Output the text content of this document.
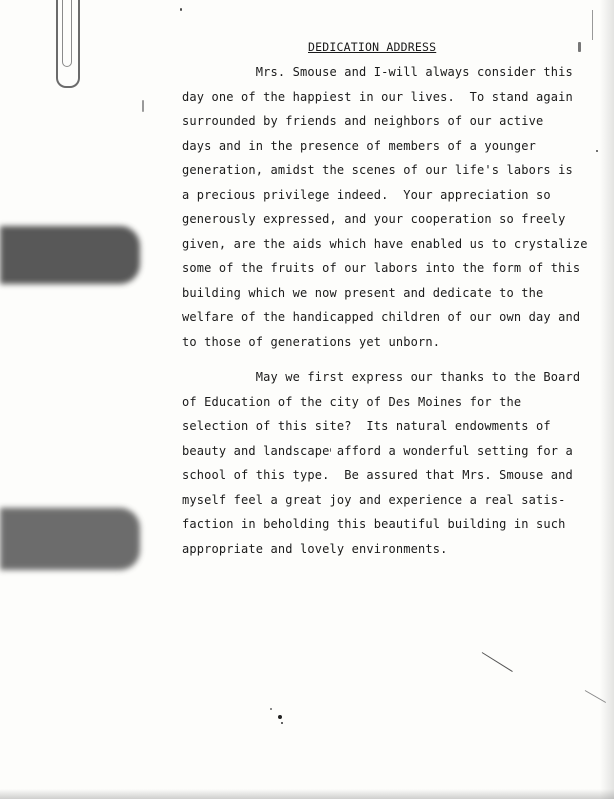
DEDICATION ADDRESS
Mrs. Smouse and I-will always consider this
day one of the happiest in our lives.  To stand again
surrounded by friends and neighbors of our active
days and in the presence of members of a younger
generation, amidst the scenes of our life's labors is
a precious privilege indeed.  Your appreciation so
generously expressed, and your cooperation so freely
given, are the aids which have enabled us to crystalize
some of the fruits of our labors into the form of this
building which we now present and dedicate to the
welfare of the handicapped children of our own day and
to those of generations yet unborn.
May we first express our thanks to the Board
of Education of the city of Des Moines for the
selection of this site?  Its natural endowments of
beauty and landscape afford a wonderful setting for a
school of this type.  Be assured that Mrs. Smouse and
myself feel a great joy and experience a real satis-
faction in beholding this beautiful building in such
appropriate and lovely environments.
